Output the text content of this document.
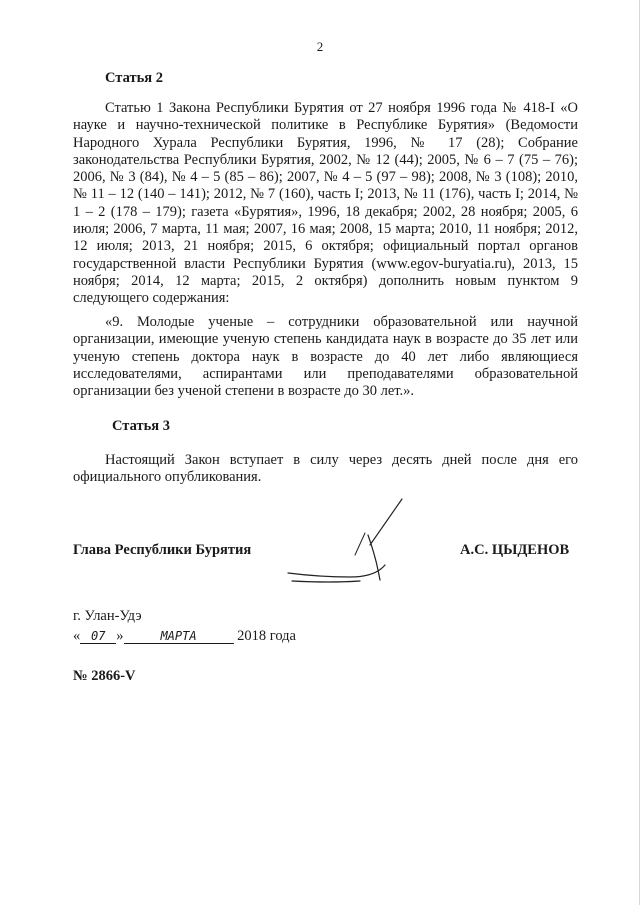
2
Статья 2

Статью 1 Закона Республики Бурятия от 27 ноября 1996 года № 418-I «О науке и научно-технической политике в Республике Бурятия» (Ведомости Народного Хурала Республики Бурятия, 1996, № 17 (28); Собрание законодательства Республики Бурятия, 2002, № 12 (44); 2005, № 6 – 7 (75 – 76); 2006, № 3 (84), № 4 – 5 (85 – 86); 2007, № 4 – 5 (97 – 98); 2008, № 3 (108); 2010, № 11 – 12 (140 – 141); 2012, № 7 (160), часть I; 2013, № 11 (176), часть I; 2014, № 1 – 2 (178 – 179); газета «Бурятия», 1996, 18 декабря; 2002, 28 ноября; 2005, 6 июля; 2006, 7 марта, 11 мая; 2007, 16 мая; 2008, 15 марта; 2010, 11 ноября; 2012, 12 июля; 2013, 21 ноября; 2015, 6 октября; официальный портал органов государственной власти Республики Бурятия (www.egov-buryatia.ru), 2013, 15 ноября; 2014, 12 марта; 2015, 2 октября) дополнить новым пунктом 9 следующего содержания:

«9. Молодые ученые – сотрудники образовательной или научной организации, имеющие ученую степень кандидата наук в возрасте до 35 лет или ученую степень доктора наук в возрасте до 40 лет либо являющиеся исследователями, аспирантами или преподавателями образовательной организации без ученой степени в возрасте до 30 лет.».

Статья 3

Настоящий Закон вступает в силу через десять дней после дня его официального опубликования.

Глава Республики Бурятия	А.С. ЦЫДЕНОВ
г. Улан-Удэ
« 07 »	МАРТА	2018 года
№ 2866-V
